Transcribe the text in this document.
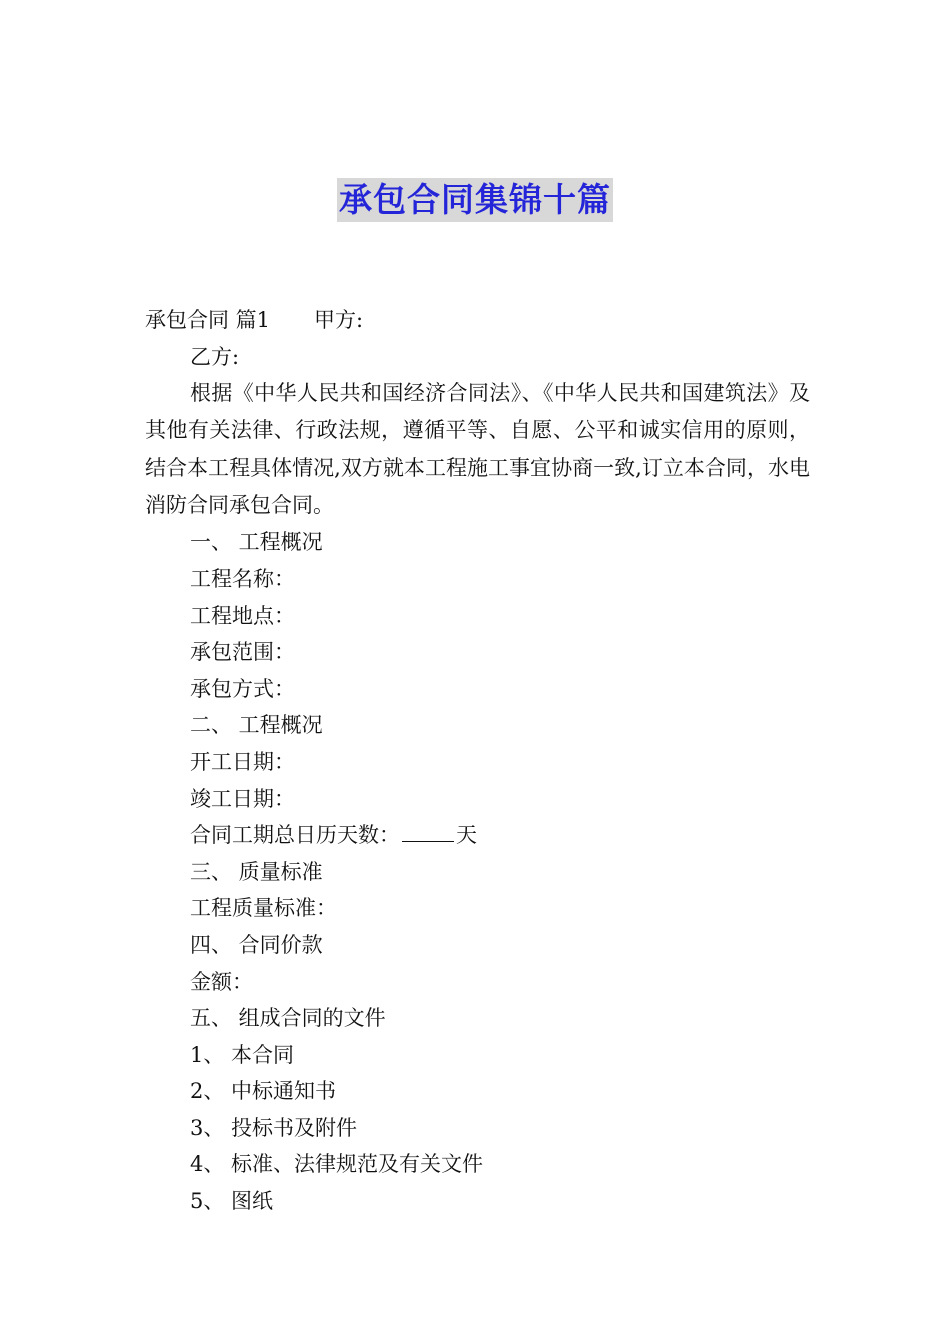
承包合同集锦十篇
承包合同 篇1 甲方:
乙方:

根据《中华人民共和国经济合同法》、《中华人民共和国建筑法》及其他有关法律、行政法规，遵循平等、自愿、公平和诚实信用的原则，结合本工程具体情况,双方就本工程施工事宜协商一致,订立本合同，水电消防合同承包合同。

一、 工程概况
工程名称：
工程地点：
承包范围：
承包方式：
二、 工程概况
开工日期：
竣工日期：
合同工期总日历天数：	天
三、 质量标准
工程质量标准：
四、 合同价款
金额：
五、 组成合同的文件
1、 本合同
2、 中标通知书
3、 投标书及附件
4、 标准、法律规范及有关文件
5、 图纸
